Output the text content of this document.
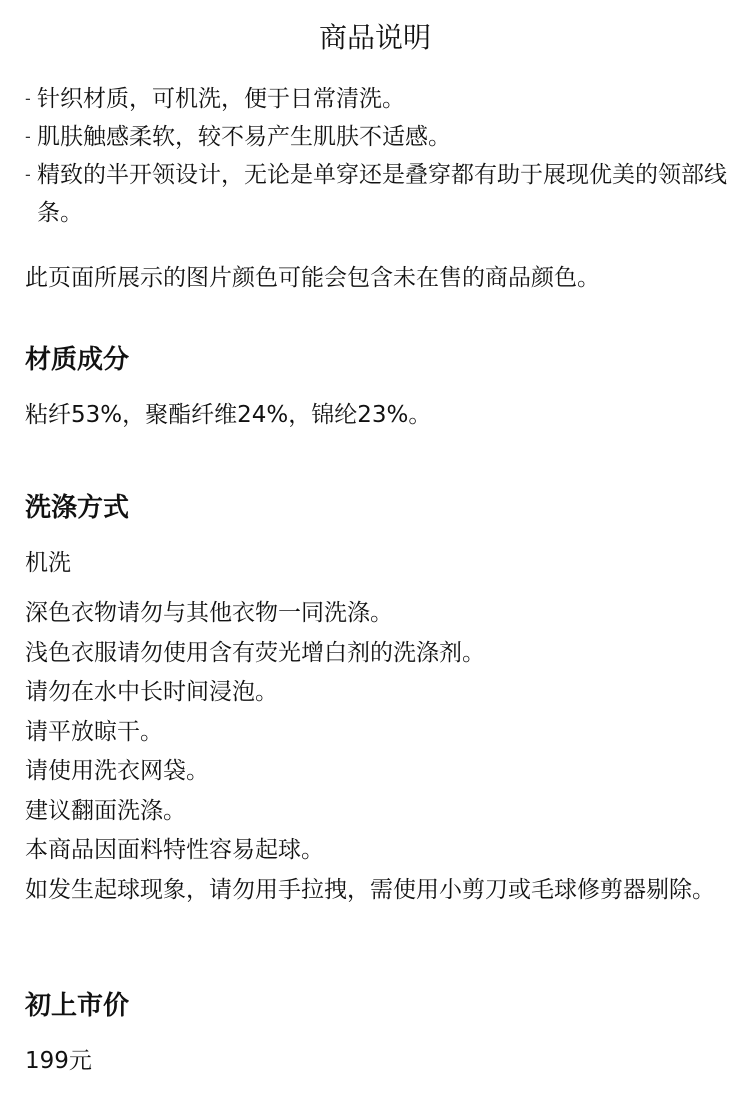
商品说明
- 针织材质，可机洗，便于日常清洗。
- 肌肤触感柔软，较不易产生肌肤不适感。
- 精致的半开领设计，无论是单穿还是叠穿都有助于展现优美的领部线条。
此页面所展示的图片颜色可能会包含未在售的商品颜色。
材质成分
粘纤53%，聚酯纤维24%，锦纶23%。
洗涤方式
机洗
深色衣物请勿与其他衣物一同洗涤。
浅色衣服请勿使用含有荧光增白剂的洗涤剂。
请勿在水中长时间浸泡。
请平放晾干。
请使用洗衣网袋。
建议翻面洗涤。
本商品因面料特性容易起球。
如发生起球现象，请勿用手拉拽，需使用小剪刀或毛球修剪器剔除。
初上市价
199元
